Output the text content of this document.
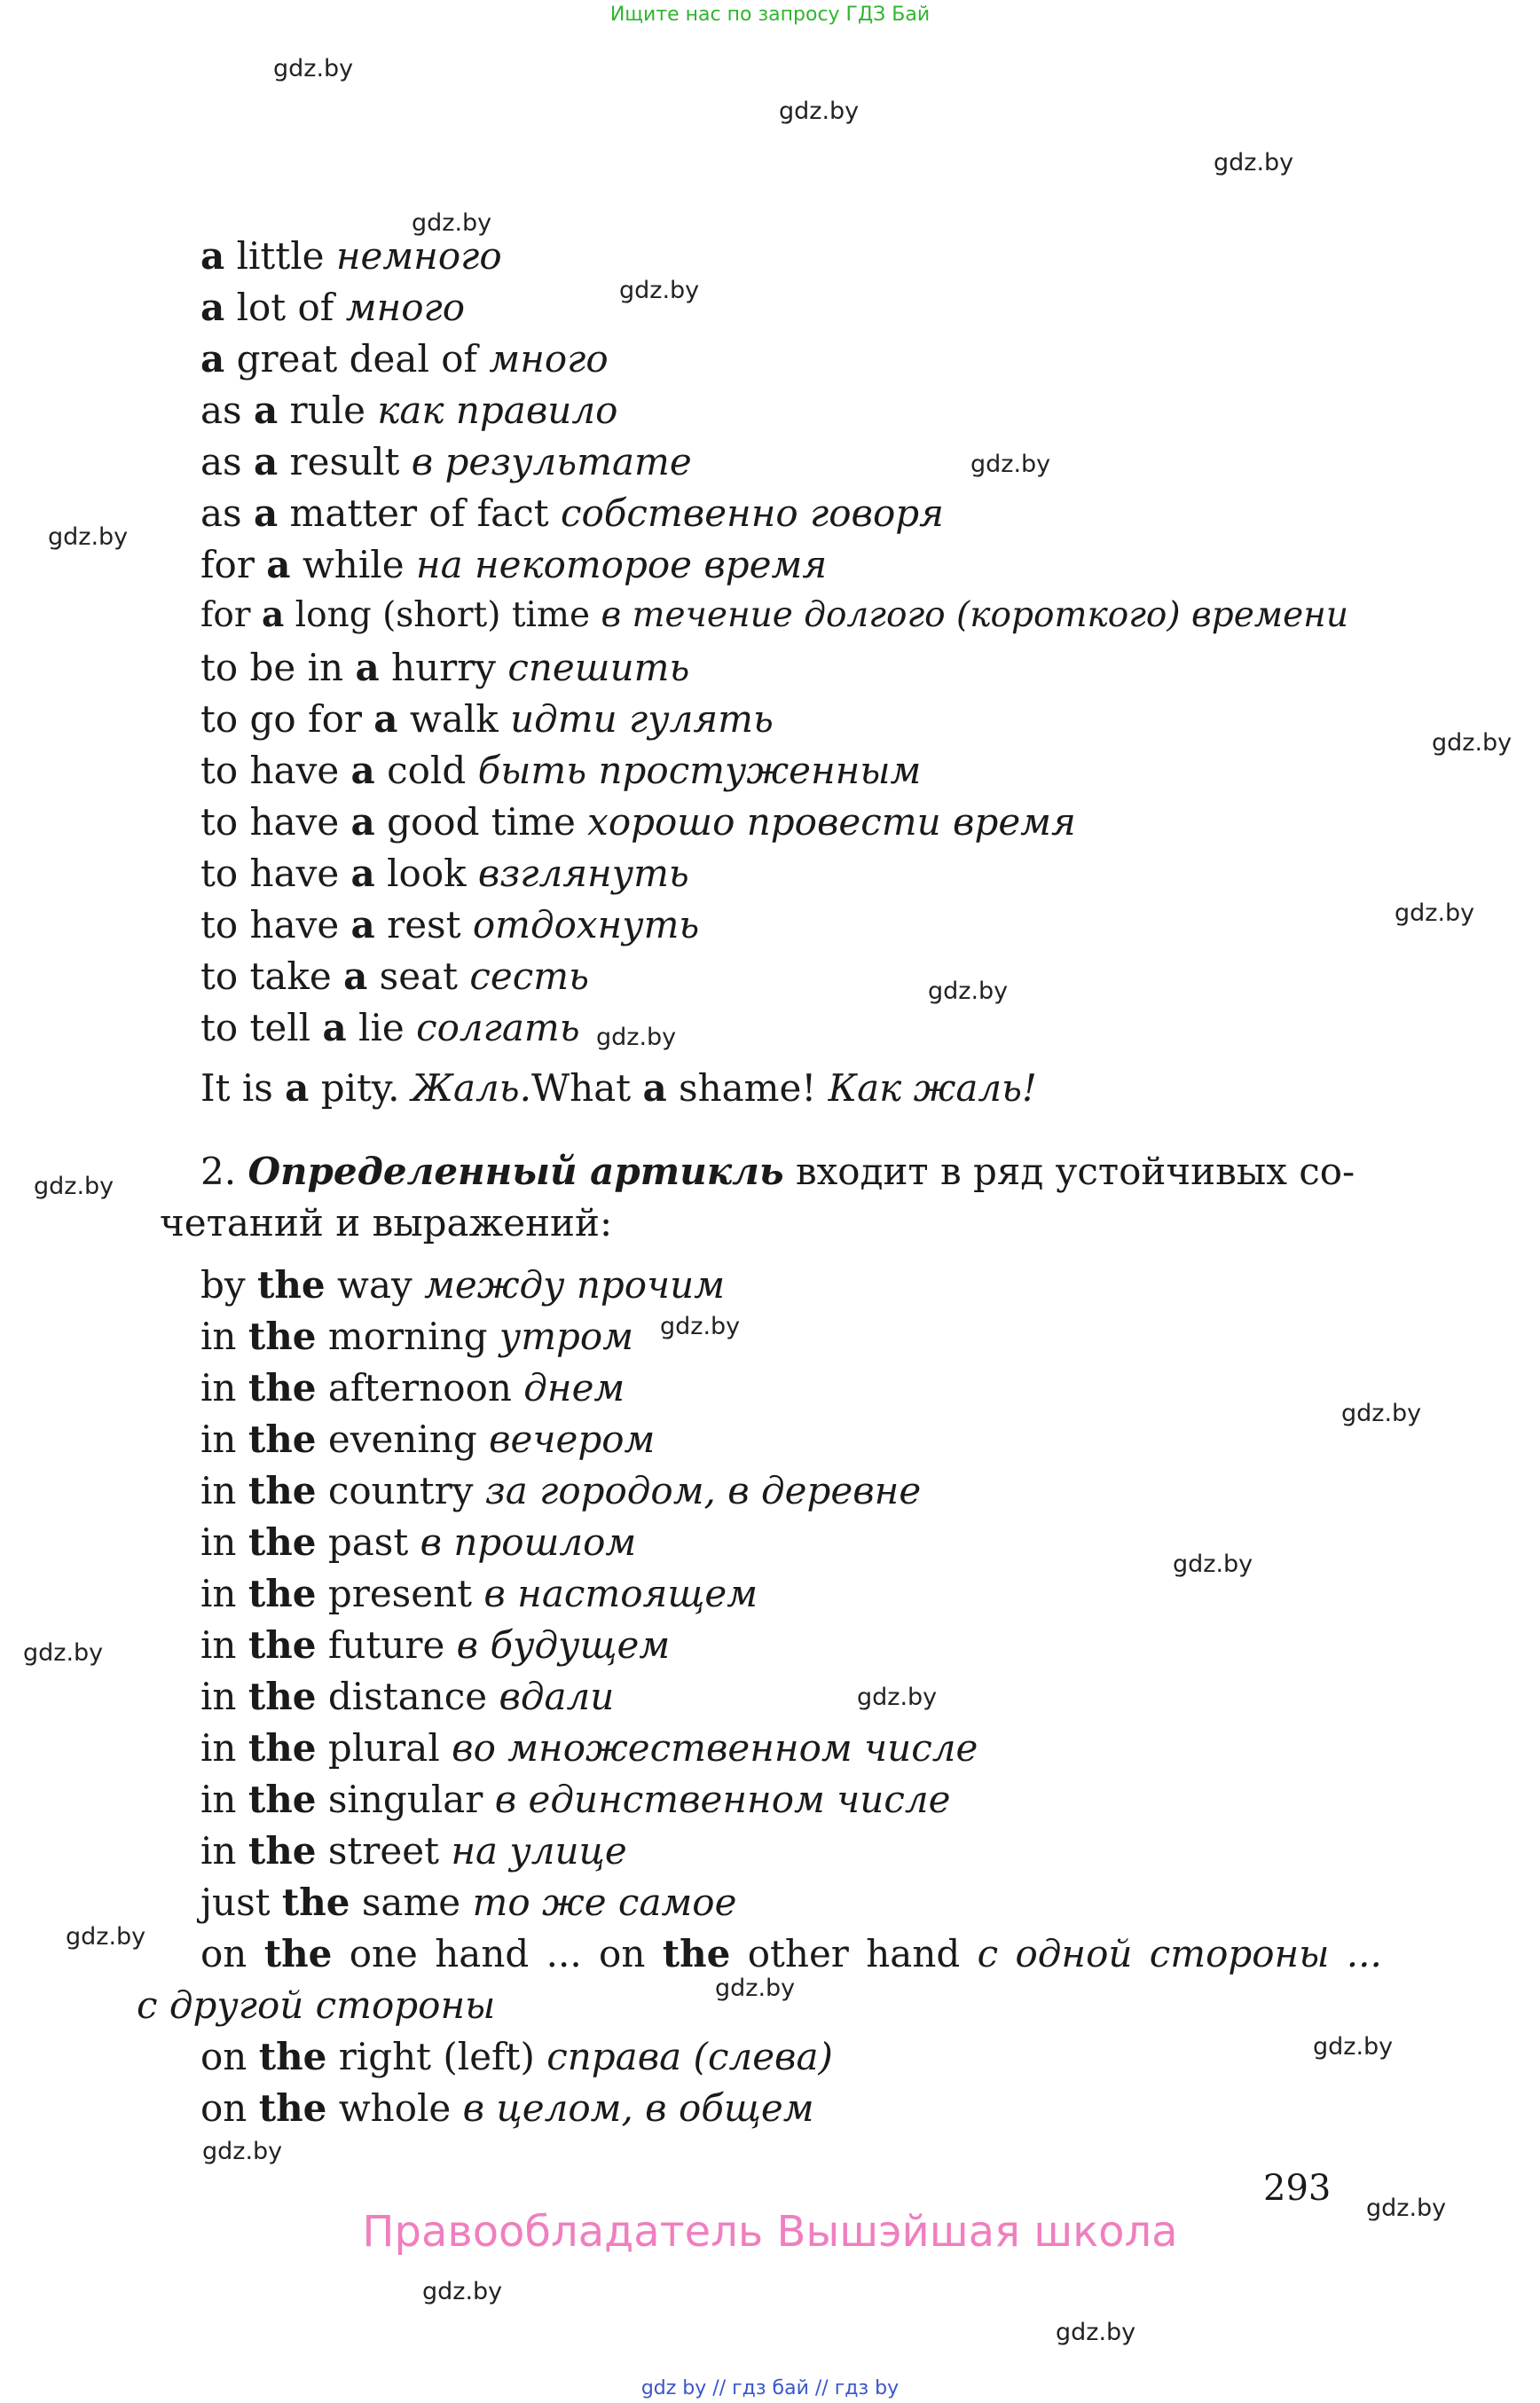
Ищите нас по запросу ГДЗ Бай
gdz.by
gdz.by
gdz.by
gdz.by
gdz.by
gdz.by
gdz.by
gdz.by
gdz.by
gdz.by
gdz.by
gdz.by
gdz.by
gdz.by
gdz.by
gdz.by
gdz.by
gdz.by
gdz.by
gdz.by
gdz.by
gdz.by
gdz.by
gdz.by
a little немного
a lot of много
a great deal of много
as a rule как правило
as a result в результате
as a matter of fact собственно говоря
for a while на некоторое время
for a long (short) time в течение долгого (короткого) времени
to be in a hurry спешить
to go for a walk идти гулять
to have a cold быть простуженным
to have a good time хорошо провести время
to have a look взглянуть
to have a rest отдохнуть
to take a seat сесть
to tell a lie солгать
It is a pity. Жаль.What a shame! Как жаль!
2. Определенный артикль входит в ряд устойчивых со-
четаний и выражений:
by the way между прочим
in the morning утром
in the afternoon днем
in the evening вечером
in the country за городом, в деревне
in the past в прошлом
in the present в настоящем
in the future в будущем
in the distance вдали
in the plural во множественном числе
in the singular в единственном числе
in the street на улице
just the same то же самое
on the one hand ... on the other hand с одной стороны ...
с другой стороны
on the right (left) справа (слева)
on the whole в целом, в общем
293
Правообладатель Вышэйшая школа
gdz by // гдз бай // гдз by
